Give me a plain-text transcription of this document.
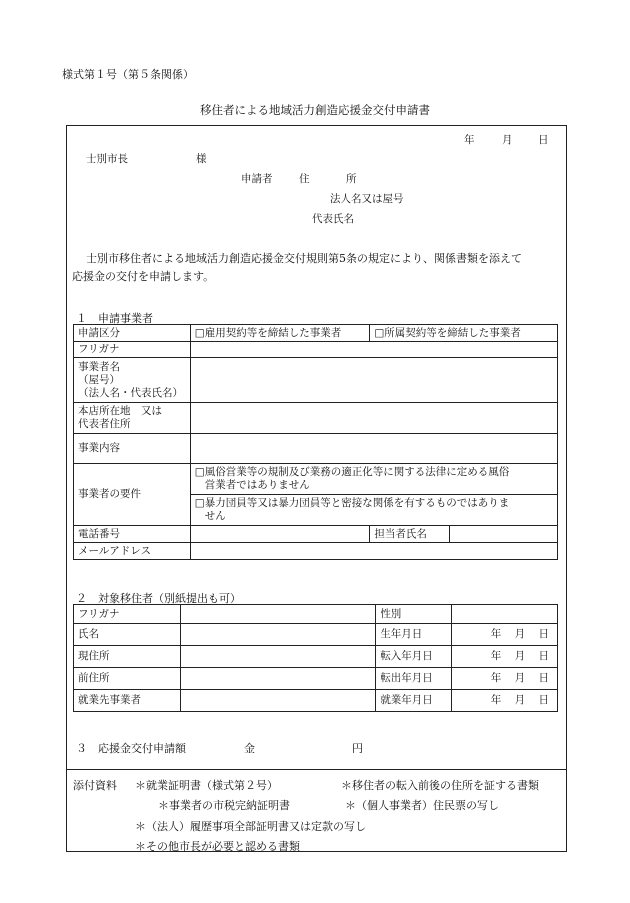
様式第１号（第５条関係）
移住者による地域活力創造応援金交付申請書
年	月 日
士別市長	様
申請者	住	所
法人名又は屋号
代表氏名
士別市移住者による地域活力創造応援金交付規則第5条の規定により、関係書類を添えて
応援金の交付を申請します。
１　申請事業者
申請区分	□雇用契約等を締結した事業者	□所属契約等を締結した事業者	
フリガナ			

事業者名
（屋号）
（法人名・代表氏名）			

本店所在地　又は
代表者住所			

事業内容			
事業者の要件	□風俗営業等の規制及び業務の適正化等に関する法律に定める風俗
営業者ではありません		

	□暴力団員等又は暴力団員等と密接な関係を有するものではありま
せん		

電話番号		担当者氏名	
メールアドレス			
２　対象移住者（別紙提出も可）
フリガナ		性別	
氏名		生年月日	年 月 日
現住所		転入年月日	年 月 日
前住所		転出年月日	年 月 日
就業先事業者		就業年月日	年 月 日
３　応援金交付申請額	金	円
添付資料 ＊就業証明書（様式第２号）	＊移住者の転入前後の住所を証する書類
＊事業者の市税完納証明書	＊（個人事業者）住民票の写し
＊（法人）履歴事項全部証明書又は定款の写し
＊その他市長が必要と認める書類
